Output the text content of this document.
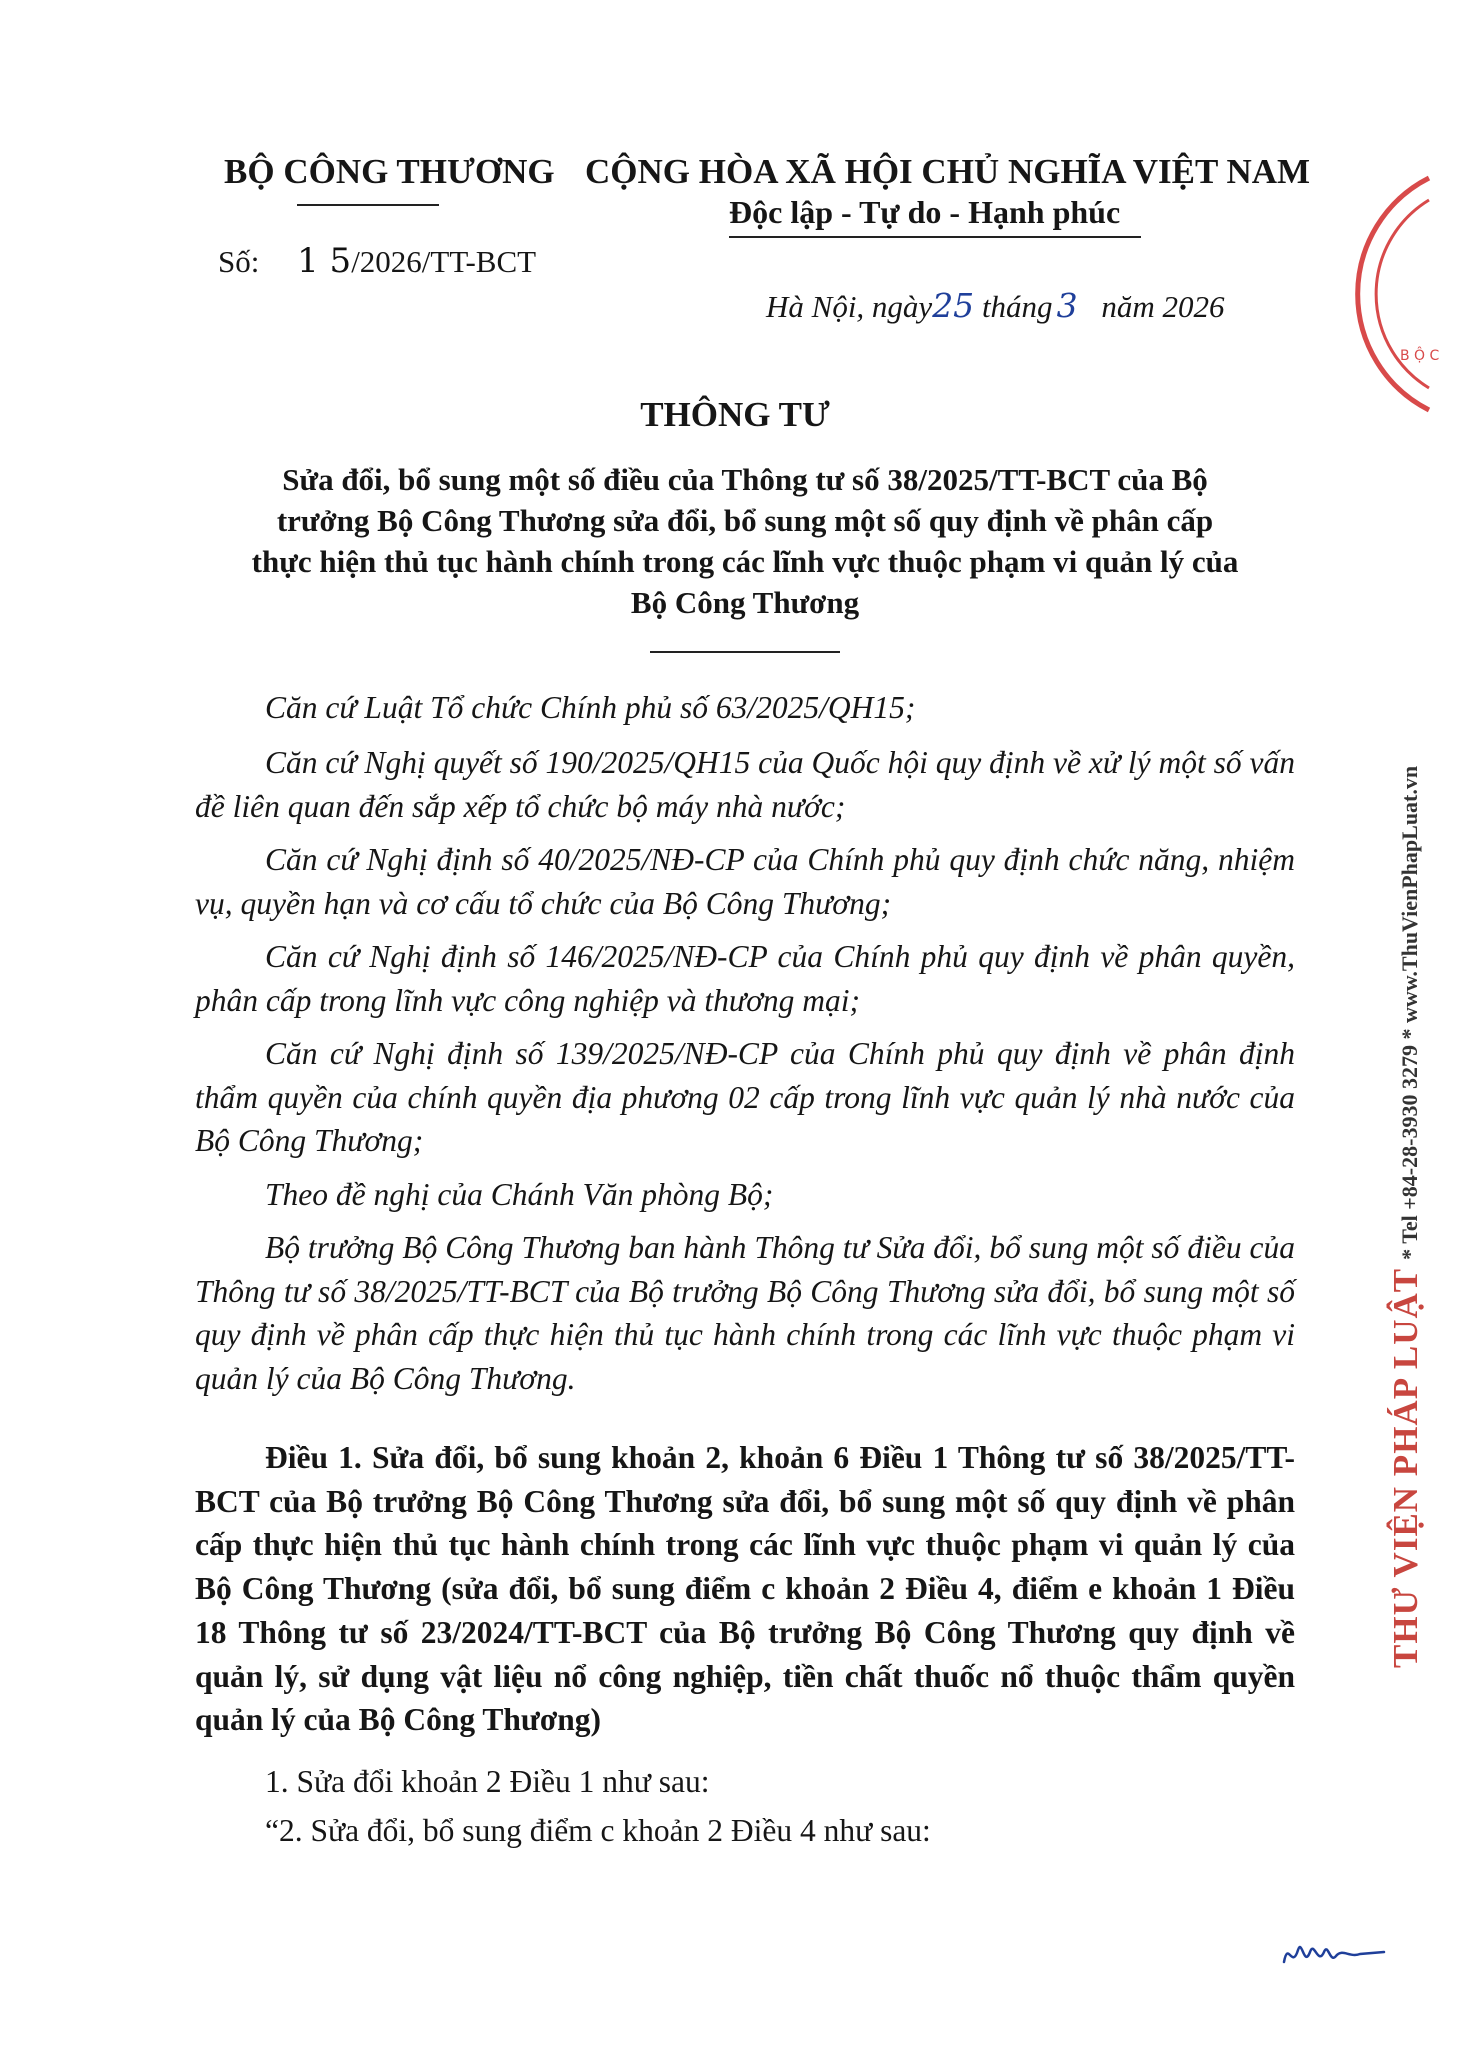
BỘ CÔNG THƯƠNG CỘNG HÒA XÃ HỘI CHỦ NGHĨA VIỆT NAM
Độc lập - Tự do - Hạnh phúc
Số: 1 5/2026/TT-BCT
Hà Nội, ngày25 tháng 3 năm 2026
THÔNG TƯ
Sửa đổi, bổ sung một số điều của Thông tư số 38/2025/TT-BCT của Bộ
trưởng Bộ Công Thương sửa đổi, bổ sung một số quy định về phân cấp
thực hiện thủ tục hành chính trong các lĩnh vực thuộc phạm vi quản lý của
Bộ Công Thương
Căn cứ Luật Tổ chức Chính phủ số 63/2025/QH15;
Căn cứ Nghị quyết số 190/2025/QH15 của Quốc hội quy định về xử lý một số vấn đề liên quan đến sắp xếp tổ chức bộ máy nhà nước;
Căn cứ Nghị định số 40/2025/NĐ-CP của Chính phủ quy định chức năng, nhiệm vụ, quyền hạn và cơ cấu tổ chức của Bộ Công Thương;
Căn cứ Nghị định số 146/2025/NĐ-CP của Chính phủ quy định về phân quyền, phân cấp trong lĩnh vực công nghiệp và thương mại;
Căn cứ Nghị định số 139/2025/NĐ-CP của Chính phủ quy định về phân định thẩm quyền của chính quyền địa phương 02 cấp trong lĩnh vực quản lý nhà nước của Bộ Công Thương;
Theo đề nghị của Chánh Văn phòng Bộ;
Bộ trưởng Bộ Công Thương ban hành Thông tư Sửa đổi, bổ sung một số điều của Thông tư số 38/2025/TT-BCT của Bộ trưởng Bộ Công Thương sửa đổi, bổ sung một số quy định về phân cấp thực hiện thủ tục hành chính trong các lĩnh vực thuộc phạm vi quản lý của Bộ Công Thương.
Điều 1. Sửa đổi, bổ sung khoản 2, khoản 6 Điều 1 Thông tư số 38/2025/TT-BCT của Bộ trưởng Bộ Công Thương sửa đổi, bổ sung một số quy định về phân cấp thực hiện thủ tục hành chính trong các lĩnh vực thuộc phạm vi quản lý của Bộ Công Thương (sửa đổi, bổ sung điểm c khoản 2 Điều 4, điểm e khoản 1 Điều 18 Thông tư số 23/2024/TT-BCT của Bộ trưởng Bộ Công Thương quy định về quản lý, sử dụng vật liệu nổ công nghiệp, tiền chất thuốc nổ thuộc thẩm quyền quản lý của Bộ Công Thương)
1. Sửa đổi khoản 2 Điều 1 như sau:
“2. Sửa đổi, bổ sung điểm c khoản 2 Điều 4 như sau:
B Ộ C
THƯ VIỆN PHÁP LUẬT* Tel +84-28-3930 3279 * www.ThuVienPhapLuat.vn
